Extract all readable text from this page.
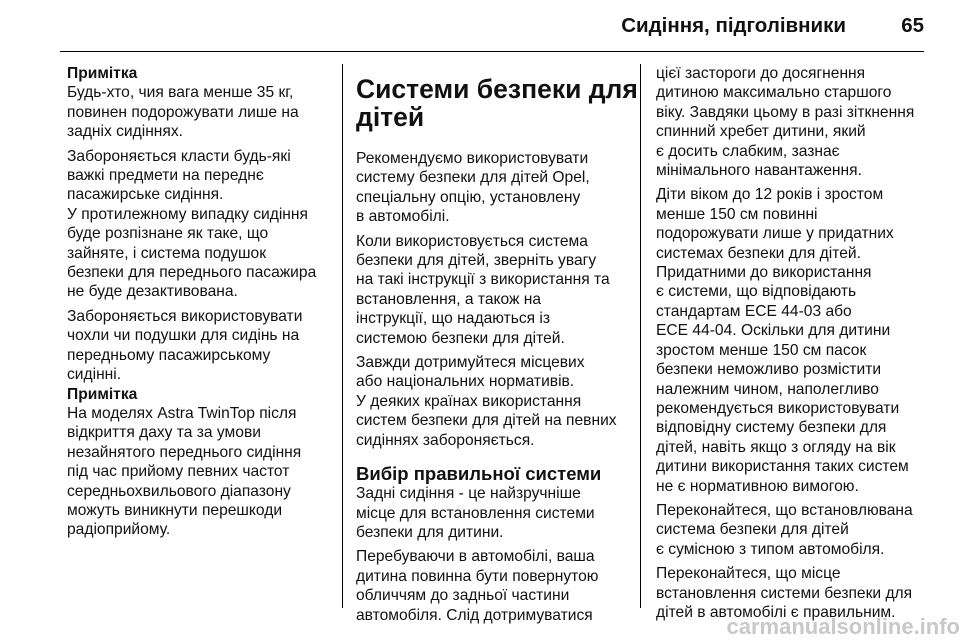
Сидіння, підголівники	65
Примітка
Будь-хто, чия вага менше 35 кг,
повинен подорожувати лише на
задніх сидіннях.
Забороняється класти будь-які
важкі предмети на переднє
пасажирське сидіння.
У протилежному випадку сидіння
буде розпізнане як таке, що
зайняте, і система подушок
безпеки для переднього пасажира
не буде дезактивована.
Забороняється використовувати
чохли чи подушки для сидінь на
передньому пасажирському
сидінні.
Примітка
На моделях Astra TwinTop після
відкриття даху та за умови
незайнятого переднього сидіння
під час прийому певних частот
середньохвильового діапазону
можуть виникнути перешкоди
радіоприйому.
Системи безпеки для
дітей
Рекомендуємо використовувати
систему безпеки для дітей Opel,
спеціальну опцію, установлену
в автомобілі.
Коли використовується система
безпеки для дітей, зверніть увагу
на такі інструкції з використання та
встановлення, а також на
інструкції, що надаються із
системою безпеки для дітей.
Завжди дотримуйтеся місцевих
або національних нормативів.
У деяких країнах використання
систем безпеки для дітей на певних
сидіннях забороняється.
Вибір правильної системи
Задні сидіння - це найзручніше
місце для встановлення системи
безпеки для дитини.
Перебуваючи в автомобілі, ваша
дитина повинна бути повернутою
обличчям до задньої частини
автомобіля. Слід дотримуватися
цієї застороги до досягнення
дитиною максимально старшого
віку. Завдяки цьому в разі зіткнення
спинний хребет дитини, який
є досить слабким, зазнає
мінімального навантаження.
Діти віком до 12 років і зростом
менше 150 см повинні
подорожувати лише у придатних
системах безпеки для дітей.
Придатними до використання
є системи, що відповідають
стандартам ECE 44-03 або
ECE 44-04. Оскільки для дитини
зростом менше 150 см пасок
безпеки неможливо розмістити
належним чином, наполегливо
рекомендується використовувати
відповідну систему безпеки для
дітей, навіть якщо з огляду на вік
дитини використання таких систем
не є нормативною вимогою.
Переконайтеся, що встановлювана
система безпеки для дітей
є сумісною з типом автомобіля.
Переконайтеся, що місце
встановлення системи безпеки для
дітей в автомобілі є правильним.
carmanualsonline.info
